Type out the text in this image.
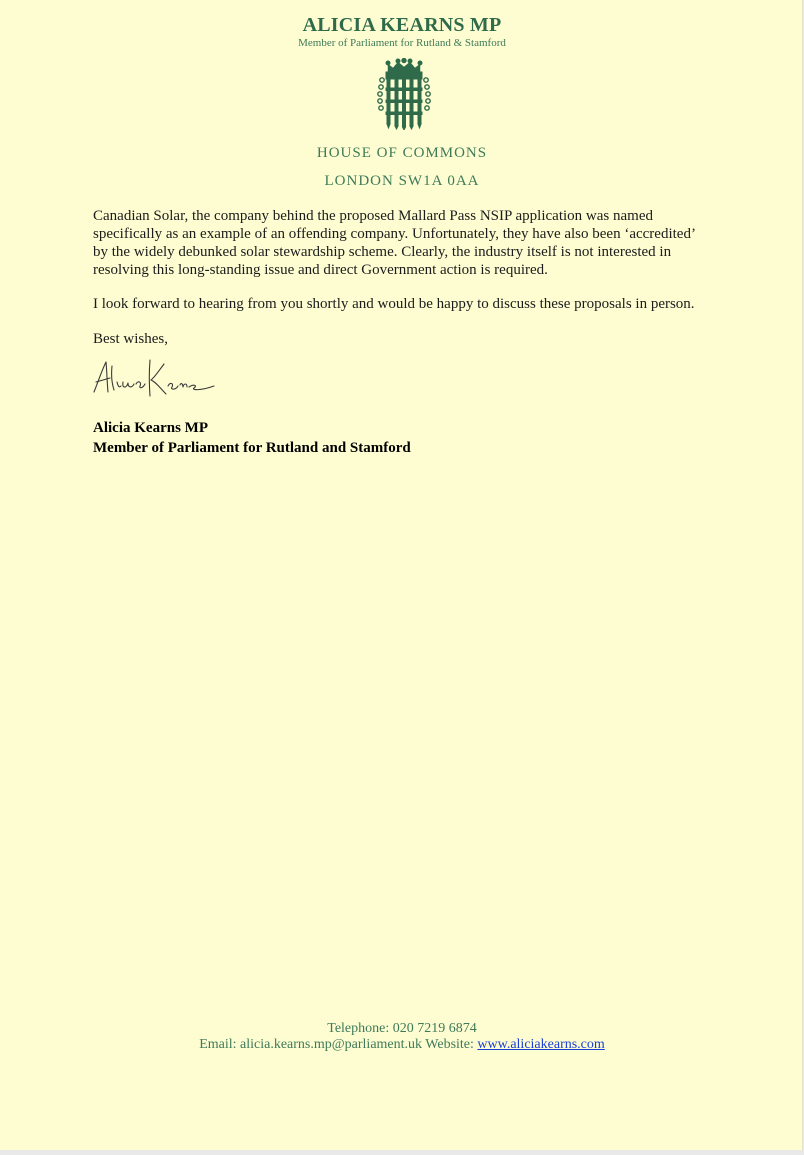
ALICIA KEARNS MP
Member of Parliament for Rutland & Stamford
HOUSE OF COMMONS
LONDON SW1A 0AA

Canadian Solar, the company behind the proposed Mallard Pass NSIP application was named specifically as an example of an offending company. Unfortunately, they have also been ‘accredited’ by the widely debunked solar stewardship scheme. Clearly, the industry itself is not interested in resolving this long-standing issue and direct Government action is required.

I look forward to hearing from you shortly and would be happy to discuss these proposals in person.

Best wishes,

Alicia Kearns MP
Member of Parliament for Rutland and Stamford
Telephone: 020 7219 6874
Email: alicia.kearns.mp@parliament.uk Website: www.aliciakearns.com
